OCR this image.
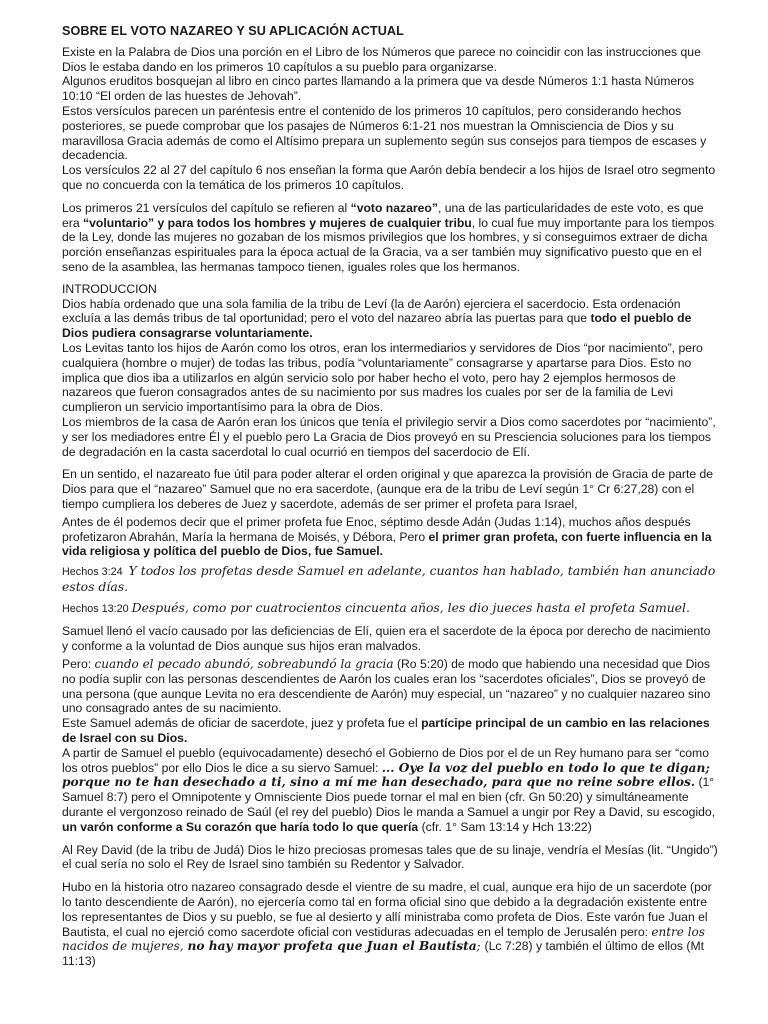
SOBRE EL VOTO NAZAREO Y SU APLICACIÓN ACTUAL

Existe en la Palabra de Dios una porción en el Libro de los Números que parece no coincidir con las instrucciones que Dios le estaba dando en los primeros 10 capítulos a su pueblo para organizarse.

Algunos eruditos bosquejan al libro en cinco partes llamando a la primera que va desde Números 1:1 hasta Números 10:10 “El orden de las huestes de Jehovah”.

Estos versículos parecen un paréntesis entre el contenido de los primeros 10 capítulos, pero considerando hechos posteriores, se puede comprobar que los pasajes de Números 6:1-21 nos muestran la Omnisciencia de Dios y su maravillosa Gracia además de como el Altísimo prepara un suplemento según sus consejos para tiempos de escases y decadencia.

Los versículos 22 al 27 del capítulo 6 nos enseñan la forma que Aarón debía bendecir a los hijos de Israel otro segmento que no concuerda con la temática de los primeros 10 capítulos.

Los primeros 21 versículos del capítulo se refieren al “voto nazareo”, una de las particularidades de este voto, es que era “voluntario” y para todos los hombres y mujeres de cualquier tribu, lo cual fue muy importante para los tiempos de la Ley, donde las mujeres no gozaban de los mismos privilegios que los hombres, y si conseguimos extraer de dicha porción enseñanzas espirituales para la época actual de la Gracia, va a ser también muy significativo puesto que en el seno de la asamblea, las hermanas tampoco tienen, iguales roles que los hermanos.

INTRODUCCION

Dios había ordenado que una sola familia de la tribu de Leví (la de Aarón) ejerciera el sacerdocio. Esta ordenación excluía a las demás tribus de tal oportunidad; pero el voto del nazareo abría las puertas para que todo el pueblo de Dios pudiera consagrarse voluntariamente.

Los Levitas tanto los hijos de Aarón como los otros, eran los intermediarios y servidores de Dios “por nacimiento”, pero cualquiera (hombre o mujer) de todas las tribus, podía “voluntariamente” consagrarse y apartarse para Dios. Esto no implica que dios iba a utilizarlos en algún servicio solo por haber hecho el voto, pero hay 2 ejemplos hermosos de nazareos que fueron consagrados antes de su nacimiento por sus madres los cuales por ser de la familia de Levi cumplieron un servicio importantísimo para la obra de Dios.

Los miembros de la casa de Aarón eran los únicos que tenía el privilegio servir a Dios como sacerdotes por “nacimiento”, y ser los mediadores entre Él y el pueblo pero La Gracia de Dios proveyó en su Presciencia soluciones para los tiempos de degradación en la casta sacerdotal lo cual ocurrió en tiempos del sacerdocio de Elí.

En un sentido, el nazareato fue útil para poder alterar el orden original y que aparezca la provisión de Gracia de parte de Dios para que el “nazareo” Samuel que no era sacerdote, (aunque era de la tribu de Leví según 1° Cr 6:27,28) con el tiempo cumpliera los deberes de Juez y sacerdote, además de ser primer el profeta para Israel,

Antes de él podemos decir que el primer profeta fue Enoc, séptimo desde Adán (Judas 1:14), muchos años después profetizaron Abrahán, María la hermana de Moisés, y Débora, Pero el primer gran profeta, con fuerte influencia en la vida religiosa y política del pueblo de Dios, fue Samuel.

Hechos 3:24 Y todos los profetas desde Samuel en adelante, cuantos han hablado, también han anunciado estos días.

Hechos 13:20 Después, como por cuatrocientos cincuenta años, les dio jueces hasta el profeta Samuel.

Samuel llenó el vacío causado por las deficiencias de Elí, quien era el sacerdote de la época por derecho de nacimiento y conforme a la voluntad de Dios aunque sus hijos eran malvados.

Pero: cuando el pecado abundó, sobreabundó la gracia (Ro 5:20) de modo que habiendo una necesidad que Dios no podía suplir con las personas descendientes de Aarón los cuales eran los “sacerdotes oficiales”, Dios se proveyó de una persona (que aunque Levita no era descendiente de Aarón) muy especial, un “nazareo” y no cualquier nazareo sino uno consagrado antes de su nacimiento.

Este Samuel además de oficiar de sacerdote, juez y profeta fue el partícipe principal de un cambio en las relaciones de Israel con su Dios.

A partir de Samuel el pueblo (equivocadamente) desechó el Gobierno de Dios por el de un Rey humano para ser “como los otros pueblos” por ello Dios le dice a su siervo Samuel: ... Oye la voz del pueblo en todo lo que te digan; porque no te han desechado a ti, sino a mí me han desechado, para que no reine sobre ellos. (1° Samuel 8:7) pero el Omnipotente y Omnisciente Dios puede tornar el mal en bien (cfr. Gn 50:20) y simultáneamente durante el vergonzoso reinado de Saúl (el rey del pueblo) Dios le manda a Samuel a ungir por Rey a David, su escogido, un varón conforme a Su corazón que haría todo lo que quería (cfr. 1° Sam 13:14 y Hch 13:22)

Al Rey David (de la tribu de Judá) Dios le hizo preciosas promesas tales que de su linaje, vendría el Mesías (lit. “Ungido”) el cual sería no solo el Rey de Israel sino también su Redentor y Salvador.

Hubo en la historia otro nazareo consagrado desde el vientre de su madre, el cual, aunque era hijo de un sacerdote (por lo tanto descendiente de Aarón), no ejercería como tal en forma oficial sino que debido a la degradación existente entre los representantes de Dios y su pueblo, se fue al desierto y allí ministraba como profeta de Dios. Este varón fue Juan el Bautista, el cual no ejerció como sacerdote oficial con vestiduras adecuadas en el templo de Jerusalén pero: entre los nacidos de mujeres, no hay mayor profeta que Juan el Bautista; (Lc 7:28) y también el último de ellos (Mt 11:13)
